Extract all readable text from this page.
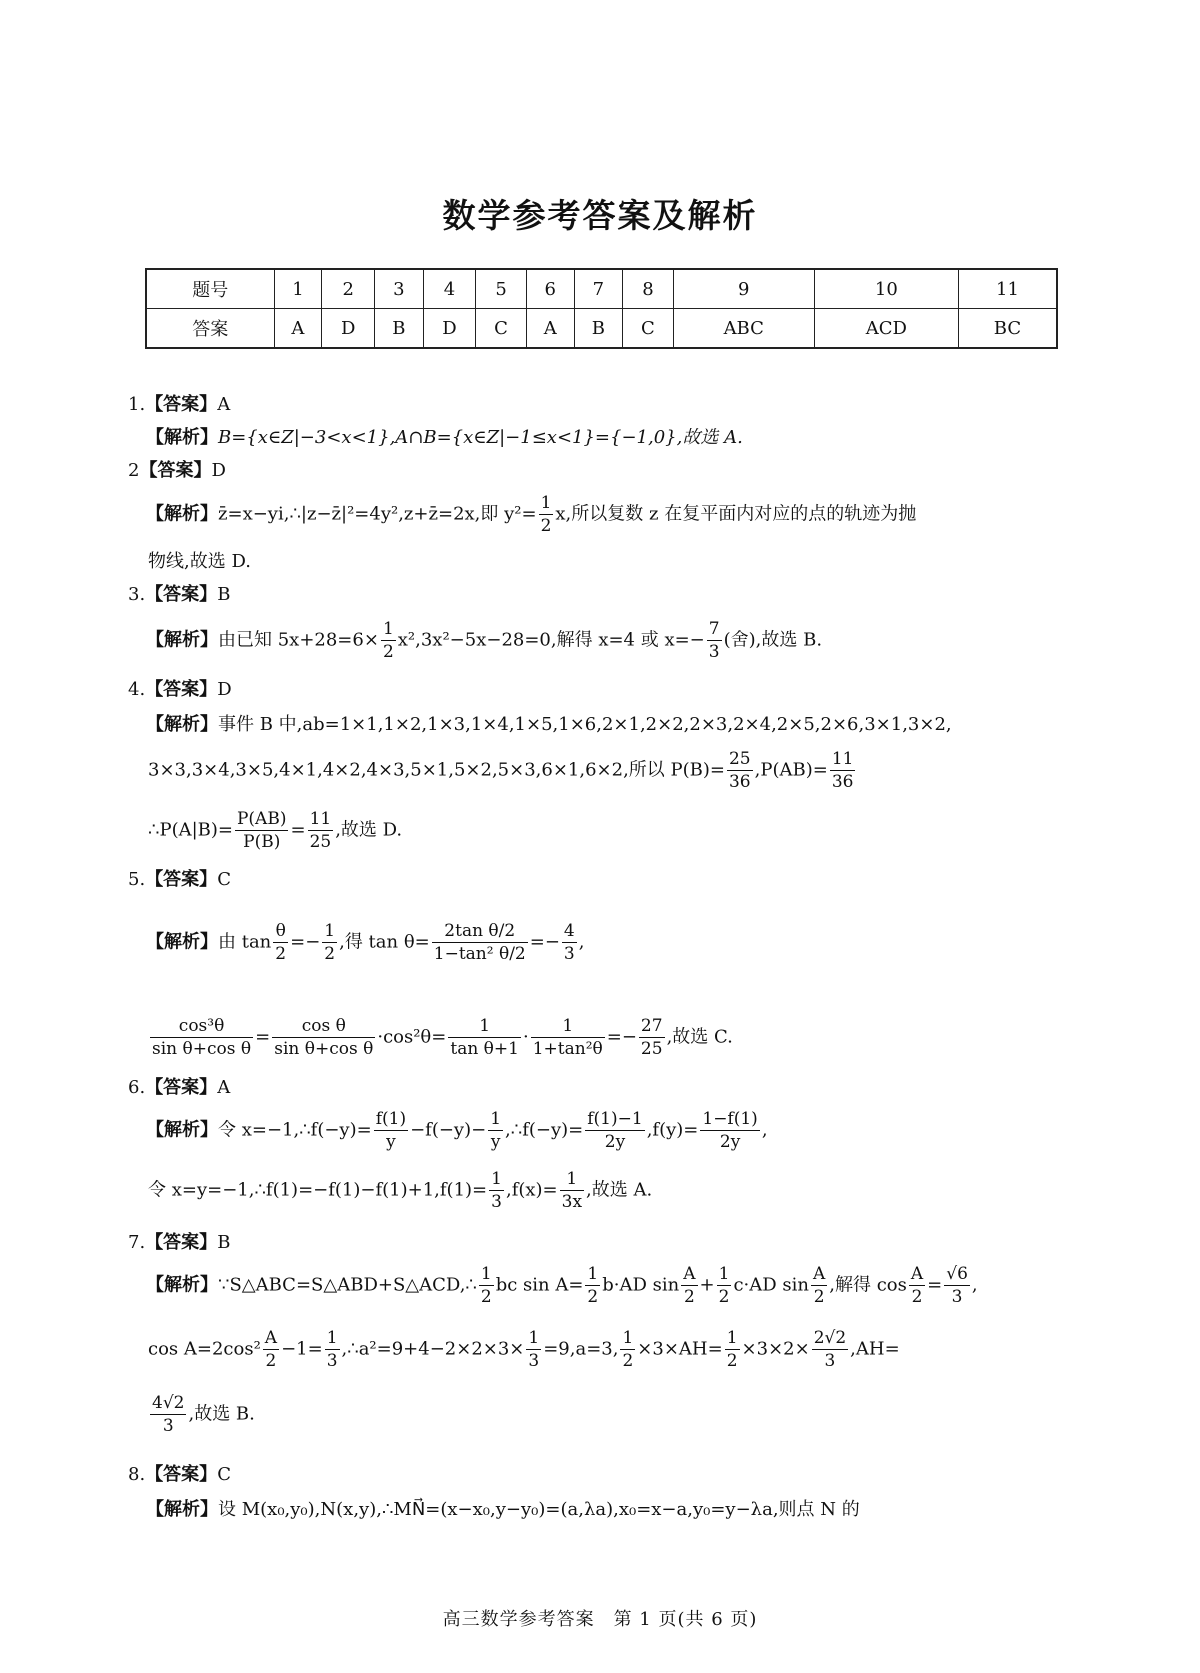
数学参考答案及解析
题号	1	2	3	4	5	6	7	8	9	10	11
答案	A	D	B	D	C	A	B	C	ABC	ACD	BC
1.【答案】A
【解析】B={x∈Z|−3<x<1},A∩B={x∈Z|−1≤x<1}={−1,0},故选 A.
2【答案】D
【解析】z̄=x−yi,∴|z−z̄|²=4y²,z+z̄=2x,即 $y^2= \frac{1}{2} x$,所以复数 z 在复平面内对应的点的轨迹为抛
物线,故选 D.
3.【答案】B
【解析】由已知 $5x+28=6\times \frac{1}{2} x^2,3x^2-5x-28=0$,解得 x=4 或 $x=- \frac{7}{3}$ (舍),故选 B.
4.【答案】D
【解析】事件 B 中,ab=1×1,1×2,1×3,1×4,1×5,1×6,2×1,2×2,2×3,2×4,2×5,2×6,3×1,3×2,
3×3,3×4,3×5,4×1,4×2,4×3,5×1,5×2,5×3,6×1,6×2,所以 $P(B)= \frac{25}{36} ,P(AB)= \frac{11}{36}$
∴P(A|B)= $\frac{P(AB)}{P(B)} = \frac{11}{25}$ ,故选 D.
5.【答案】C
【解析】由 $\tan \frac{\theta}{2} =- \frac{1}{2}$ ,得 $\tan \theta= \frac{\text{2tan θ/2}}{\text{1−tan² θ/2}} =- \frac{4}{3}$ ,
$\frac{\text{cos³θ}}{\text{sin θ+cos θ}} = \frac{\text{cos θ}}{\text{sin θ+cos θ}} \cdot\cos^2\theta= \frac{1}{\text{tan θ+1}} \cdot \frac{1}{\text{1+tan²θ}} =- \frac{27}{25}$ ,故选 C.
6.【答案】A
【解析】令 x=−1,∴f(−y)= $\frac{f(1)}{y} -f(-y)- \frac{1}{y}$ ,∴f(−y)= $\frac{f(1)-1}{2y} ,f(y)= \frac{1-f(1)}{2y}$ ,
令 x=y=−1,∴f(1)=−f(1)−f(1)+1,f(1)= $\frac{1}{3} ,f(x)= \frac{1}{3x}$ ,故选 A.
7.【答案】B
【解析】∵S△ABC=S△ABD+S△ACD,∴ $\frac{1}{2}$ bc $\sin A= \frac{1}{2} b\cdot AD$ $\sin \frac{A}{2} + \frac{1}{2} c\cdot AD$ $\sin \frac{A}{2}$ ,解得 $\cos \frac{A}{2} = \frac{√6}{3}$ ,
$\cos A=2\cos^2 \frac{A}{2} -1= \frac{1}{3}$ ,∴a²=9+4−2×2×3× $\frac{1}{3} =9,a=3$, $\frac{1}{2} \times 3\times AH= \frac{1}{2} \times 3\times 2\times \frac{2√2}{3} ,AH=$
$\frac{4√2}{3}$ ,故选 B.
8.【答案】C
【解析】设 M(x₀,y₀),N(x,y),∴MN⃗=(x−x₀,y−y₀)=(a,λa),x₀=x−a,y₀=y−λa,则点 N 的
高三数学参考答案　第 1 页(共 6 页)
